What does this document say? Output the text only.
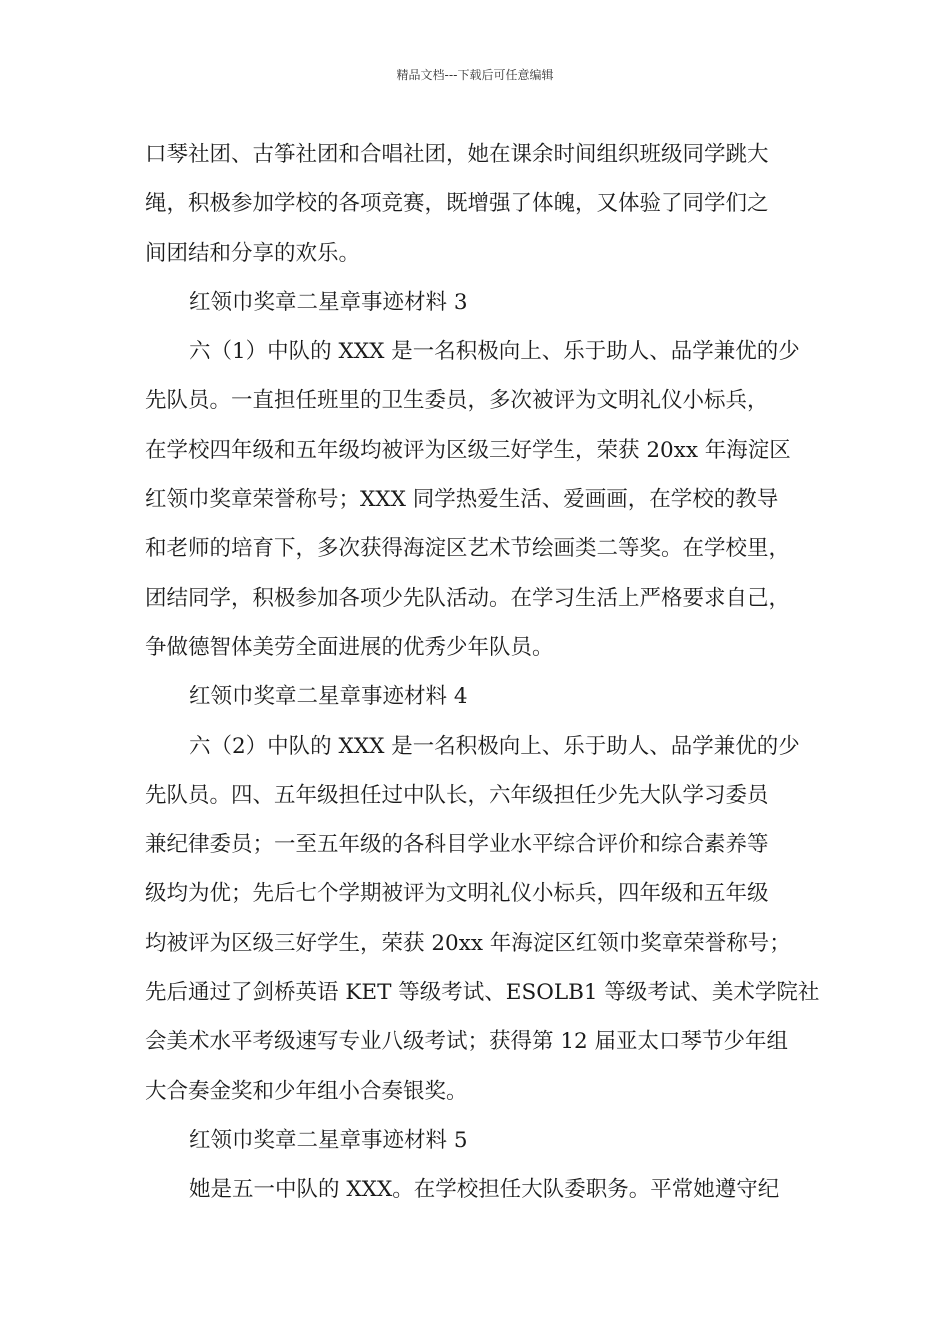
精品文档---下载后可任意编辑
口琴社团、古筝社团和合唱社团，她在课余时间组织班级同学跳大
绳，积极参加学校的各项竞赛，既增强了体魄，又体验了同学们之
间团结和分享的欢乐。
红领巾奖章二星章事迹材料 3
六（1）中队的 XXX 是一名积极向上、乐于助人、品学兼优的少
先队员。一直担任班里的卫生委员，多次被评为文明礼仪小标兵，
在学校四年级和五年级均被评为区级三好学生，荣获 20xx 年海淀区
红领巾奖章荣誉称号；XXX 同学热爱生活、爱画画，在学校的教导
和老师的培育下，多次获得海淀区艺术节绘画类二等奖。在学校里，
团结同学，积极参加各项少先队活动。在学习生活上严格要求自己，
争做德智体美劳全面进展的优秀少年队员。
红领巾奖章二星章事迹材料 4
六（2）中队的 XXX 是一名积极向上、乐于助人、品学兼优的少
先队员。四、五年级担任过中队长，六年级担任少先大队学习委员
兼纪律委员；一至五年级的各科目学业水平综合评价和综合素养等
级均为优；先后七个学期被评为文明礼仪小标兵，四年级和五年级
均被评为区级三好学生，荣获 20xx 年海淀区红领巾奖章荣誉称号；
先后通过了剑桥英语 KET 等级考试、ESOLB1 等级考试、美术学院社
会美术水平考级速写专业八级考试；获得第 12 届亚太口琴节少年组
大合奏金奖和少年组小合奏银奖。
红领巾奖章二星章事迹材料 5
她是五一中队的 XXX。在学校担任大队委职务。平常她遵守纪
